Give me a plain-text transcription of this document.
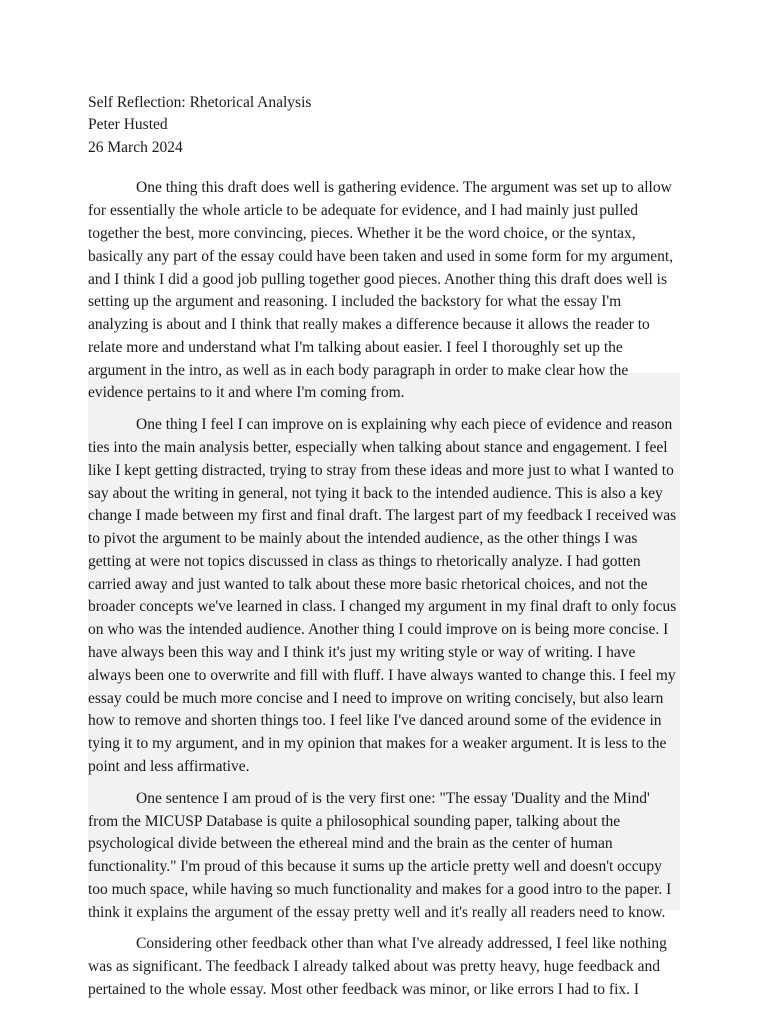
Self Reflection: Rhetorical Analysis
Peter Husted
26 March 2024

One thing this draft does well is gathering evidence. The argument was set up to allow for essentially the whole article to be adequate for evidence, and I had mainly just pulled together the best, more convincing, pieces. Whether it be the word choice, or the syntax, basically any part of the essay could have been taken and used in some form for my argument, and I think I did a good job pulling together good pieces. Another thing this draft does well is setting up the argument and reasoning. I included the backstory for what the essay I'm analyzing is about and I think that really makes a difference because it allows the reader to relate more and understand what I'm talking about easier. I feel I thoroughly set up the argument in the intro, as well as in each body paragraph in order to make clear how the evidence pertains to it and where I'm coming from.

One thing I feel I can improve on is explaining why each piece of evidence and reason ties into the main analysis better, especially when talking about stance and engagement. I feel like I kept getting distracted, trying to stray from these ideas and more just to what I wanted to say about the writing in general, not tying it back to the intended audience. This is also a key change I made between my first and final draft. The largest part of my feedback I received was to pivot the argument to be mainly about the intended audience, as the other things I was getting at were not topics discussed in class as things to rhetorically analyze. I had gotten carried away and just wanted to talk about these more basic rhetorical choices, and not the broader concepts we've learned in class. I changed my argument in my final draft to only focus on who was the intended audience. Another thing I could improve on is being more concise. I have always been this way and I think it's just my writing style or way of writing. I have always been one to overwrite and fill with fluff. I have always wanted to change this. I feel my essay could be much more concise and I need to improve on writing concisely, but also learn how to remove and shorten things too. I feel like I've danced around some of the evidence in tying it to my argument, and in my opinion that makes for a weaker argument. It is less to the point and less affirmative.

One sentence I am proud of is the very first one: "The essay 'Duality and the Mind' from the MICUSP Database is quite a philosophical sounding paper, talking about the psychological divide between the ethereal mind and the brain as the center of human functionality." I'm proud of this because it sums up the article pretty well and doesn't occupy too much space, while having so much functionality and makes for a good intro to the paper. I think it explains the argument of the essay pretty well and it's really all readers need to know.

Considering other feedback other than what I've already addressed, I feel like nothing was as significant. The feedback I already talked about was pretty heavy, huge feedback and pertained to the whole essay. Most other feedback was minor, or like errors I had to fix. I
